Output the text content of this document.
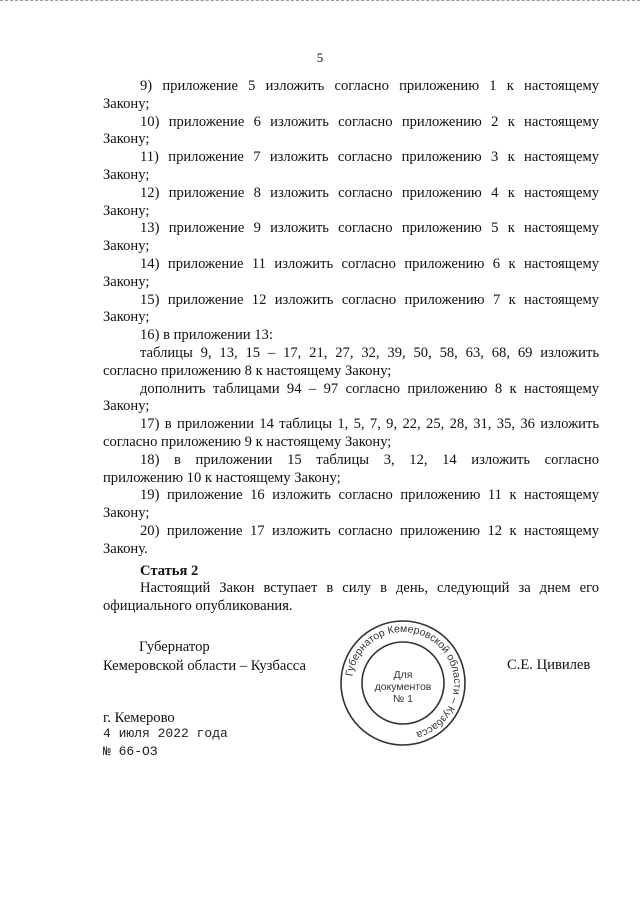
5

9) приложение 5 изложить согласно приложению 1 к настоящему

Закону;

10) приложение 6 изложить согласно приложению 2 к настоящему

Закону;

11) приложение 7 изложить согласно приложению 3 к настоящему

Закону;

12) приложение 8 изложить согласно приложению 4 к настоящему

Закону;

13) приложение 9 изложить согласно приложению 5 к настоящему

Закону;

14) приложение 11 изложить согласно приложению 6 к настоящему

Закону;

15) приложение 12 изложить согласно приложению 7 к настоящему

Закону;

16) в приложении 13:

таблицы 9, 13, 15 – 17, 21, 27, 32, 39, 50, 58, 63, 68, 69 изложить

согласно приложению 8 к настоящему Закону;

дополнить таблицами 94 – 97 согласно приложению 8 к настоящему

Закону;

17) в приложении 14 таблицы 1, 5, 7, 9, 22, 25, 28, 31, 35, 36 изложить

согласно приложению 9 к настоящему Закону;

18) в приложении 15 таблицы 3, 12, 14 изложить согласно

приложению 10 к настоящему Закону;

19) приложение 16 изложить согласно приложению 11 к настоящему

Закону;

20) приложение 17 изложить согласно приложению 12 к настоящему

Закону.

Статья 2

Настоящий Закон вступает в силу в день, следующий за днем его

официального опубликования.

Губернатор
Кемеровской области – Кузбасса	С.Е. Цивилев
г. Кемерово
4 июля 2022 года
№ 66-ОЗ
Губернатор Кемеровской области – Кузбасса
Для
документов
№ 1
